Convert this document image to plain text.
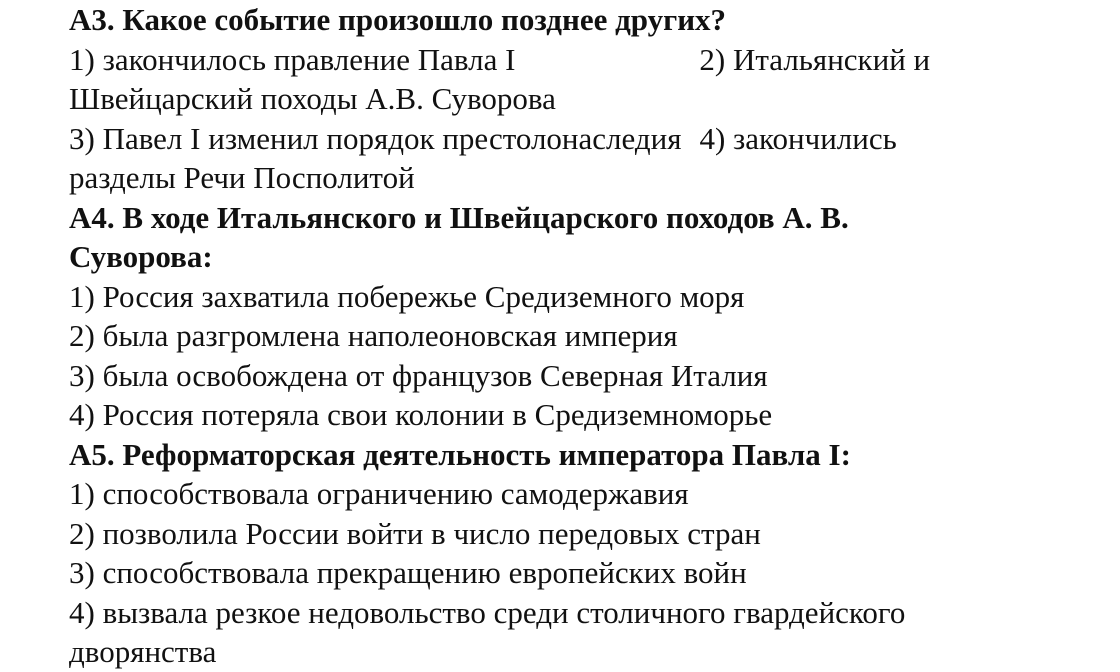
А3. Какое событие произошло позднее других?
1) закончилось правление Павла I	2) Итальянский и
Швейцарский походы А.В. Суворова
3) Павел I изменил порядок престолонаследия 4) закончились
разделы Речи Посполитой
А4. В ходе Итальянского и Швейцарского походов А. В.
Суворова:
1) Россия захватила побережье Средиземного моря
2) была разгромлена наполеоновская империя
3) была освобождена от французов Северная Италия
4) Россия потеряла свои колонии в Средиземноморье
А5. Реформаторская деятельность императора Павла I:
1) способствовала ограничению самодержавия
2) позволила России войти в число передовых стран
3) способствовала прекращению европейских войн
4) вызвала резкое недовольство среди столичного гвардейского
дворянства
